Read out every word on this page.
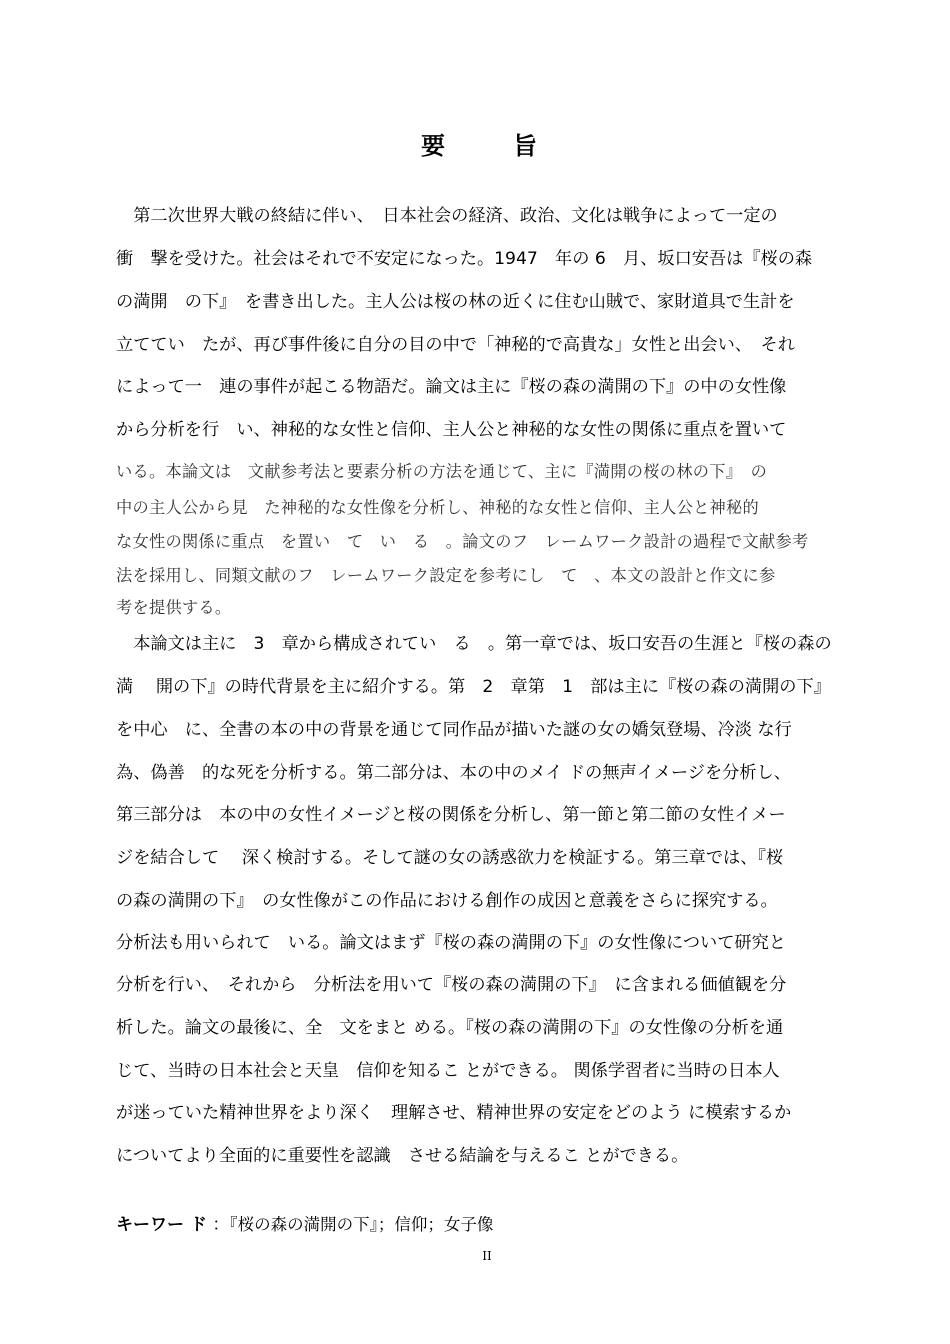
要　旨
　第二次世界大戦の終結に伴い、　日本社会の経済、政治、文化は戦争によって一定の
衝　撃を受けた。社会はそれで不安定になった。1947　年の 6　月、坂口安吾は『桜の森
の満開　の下』　を書き出した。主人公は桜の林の近くに住む山賊で、家財道具で生計を
立ててい　たが、再び事件後に自分の目の中で「神秘的で高貴な」女性と出会い、　それ
によって一　連の事件が起こる物語だ。論文は主に『桜の森の満開の下』の中の女性像
から分析を行　い、神秘的な女性と信仰、主人公と神秘的な女性の関係に重点を置いて
いる。本論文は　文献参考法と要素分析の方法を通じて、主に『満開の桜の林の下』　の
中の主人公から見　た神秘的な女性像を分析し、神秘的な女性と信仰、主人公と神秘的
な女性の関係に重点　を置い　て　い　る　。論文のフ　レームワーク設計の過程で文献参考
法を採用し、同類文献のフ　レームワーク設定を参考にし　て　、本文の設計と作文に参
考を提供する。
　本論文は主に　3　章から構成されてい　る　。第一章では、坂口安吾の生涯と『桜の森の
満　 開の下』の時代背景を主に紹介する。第　2　章第　1　部は主に『桜の森の満開の下』
を中心　に、全書の本の中の背景を通じて同作品が描いた謎の女の嬌気登場、冷淡 な行
為、偽善　的な死を分析する。第二部分は、本の中のメイ ドの無声イメージを分析し、
第三部分は　本の中の女性イメージと桜の関係を分析し、第一節と第二節の女性イメー
ジを結合して　 深く検討する。そして謎の女の誘惑欲力を検証する。第三章では、『桜
の森の満開の下』　の女性像がこの作品における創作の成因と意義をさらに探究する。
分析法も用いられて　いる。論文はまず『桜の森の満開の下』の女性像について研究と
分析を行い、　それから　分析法を用いて『桜の森の満開の下』　に含まれる価値観を分
析した。論文の最後に、全　文をまと める。『桜の森の満開の下』の女性像の分析を通
じて、当時の日本社会と天皇　信仰を知るこ とができる。 関係学習者に当時の日本人
が迷っていた精神世界をより深く　理解させ、精神世界の安定をどのよう に模索するか
についてより全面的に重要性を認識　させる結論を与えるこ とができる。
キーワー ド ：『桜の森の満開の下』；信仰；女子像
II
